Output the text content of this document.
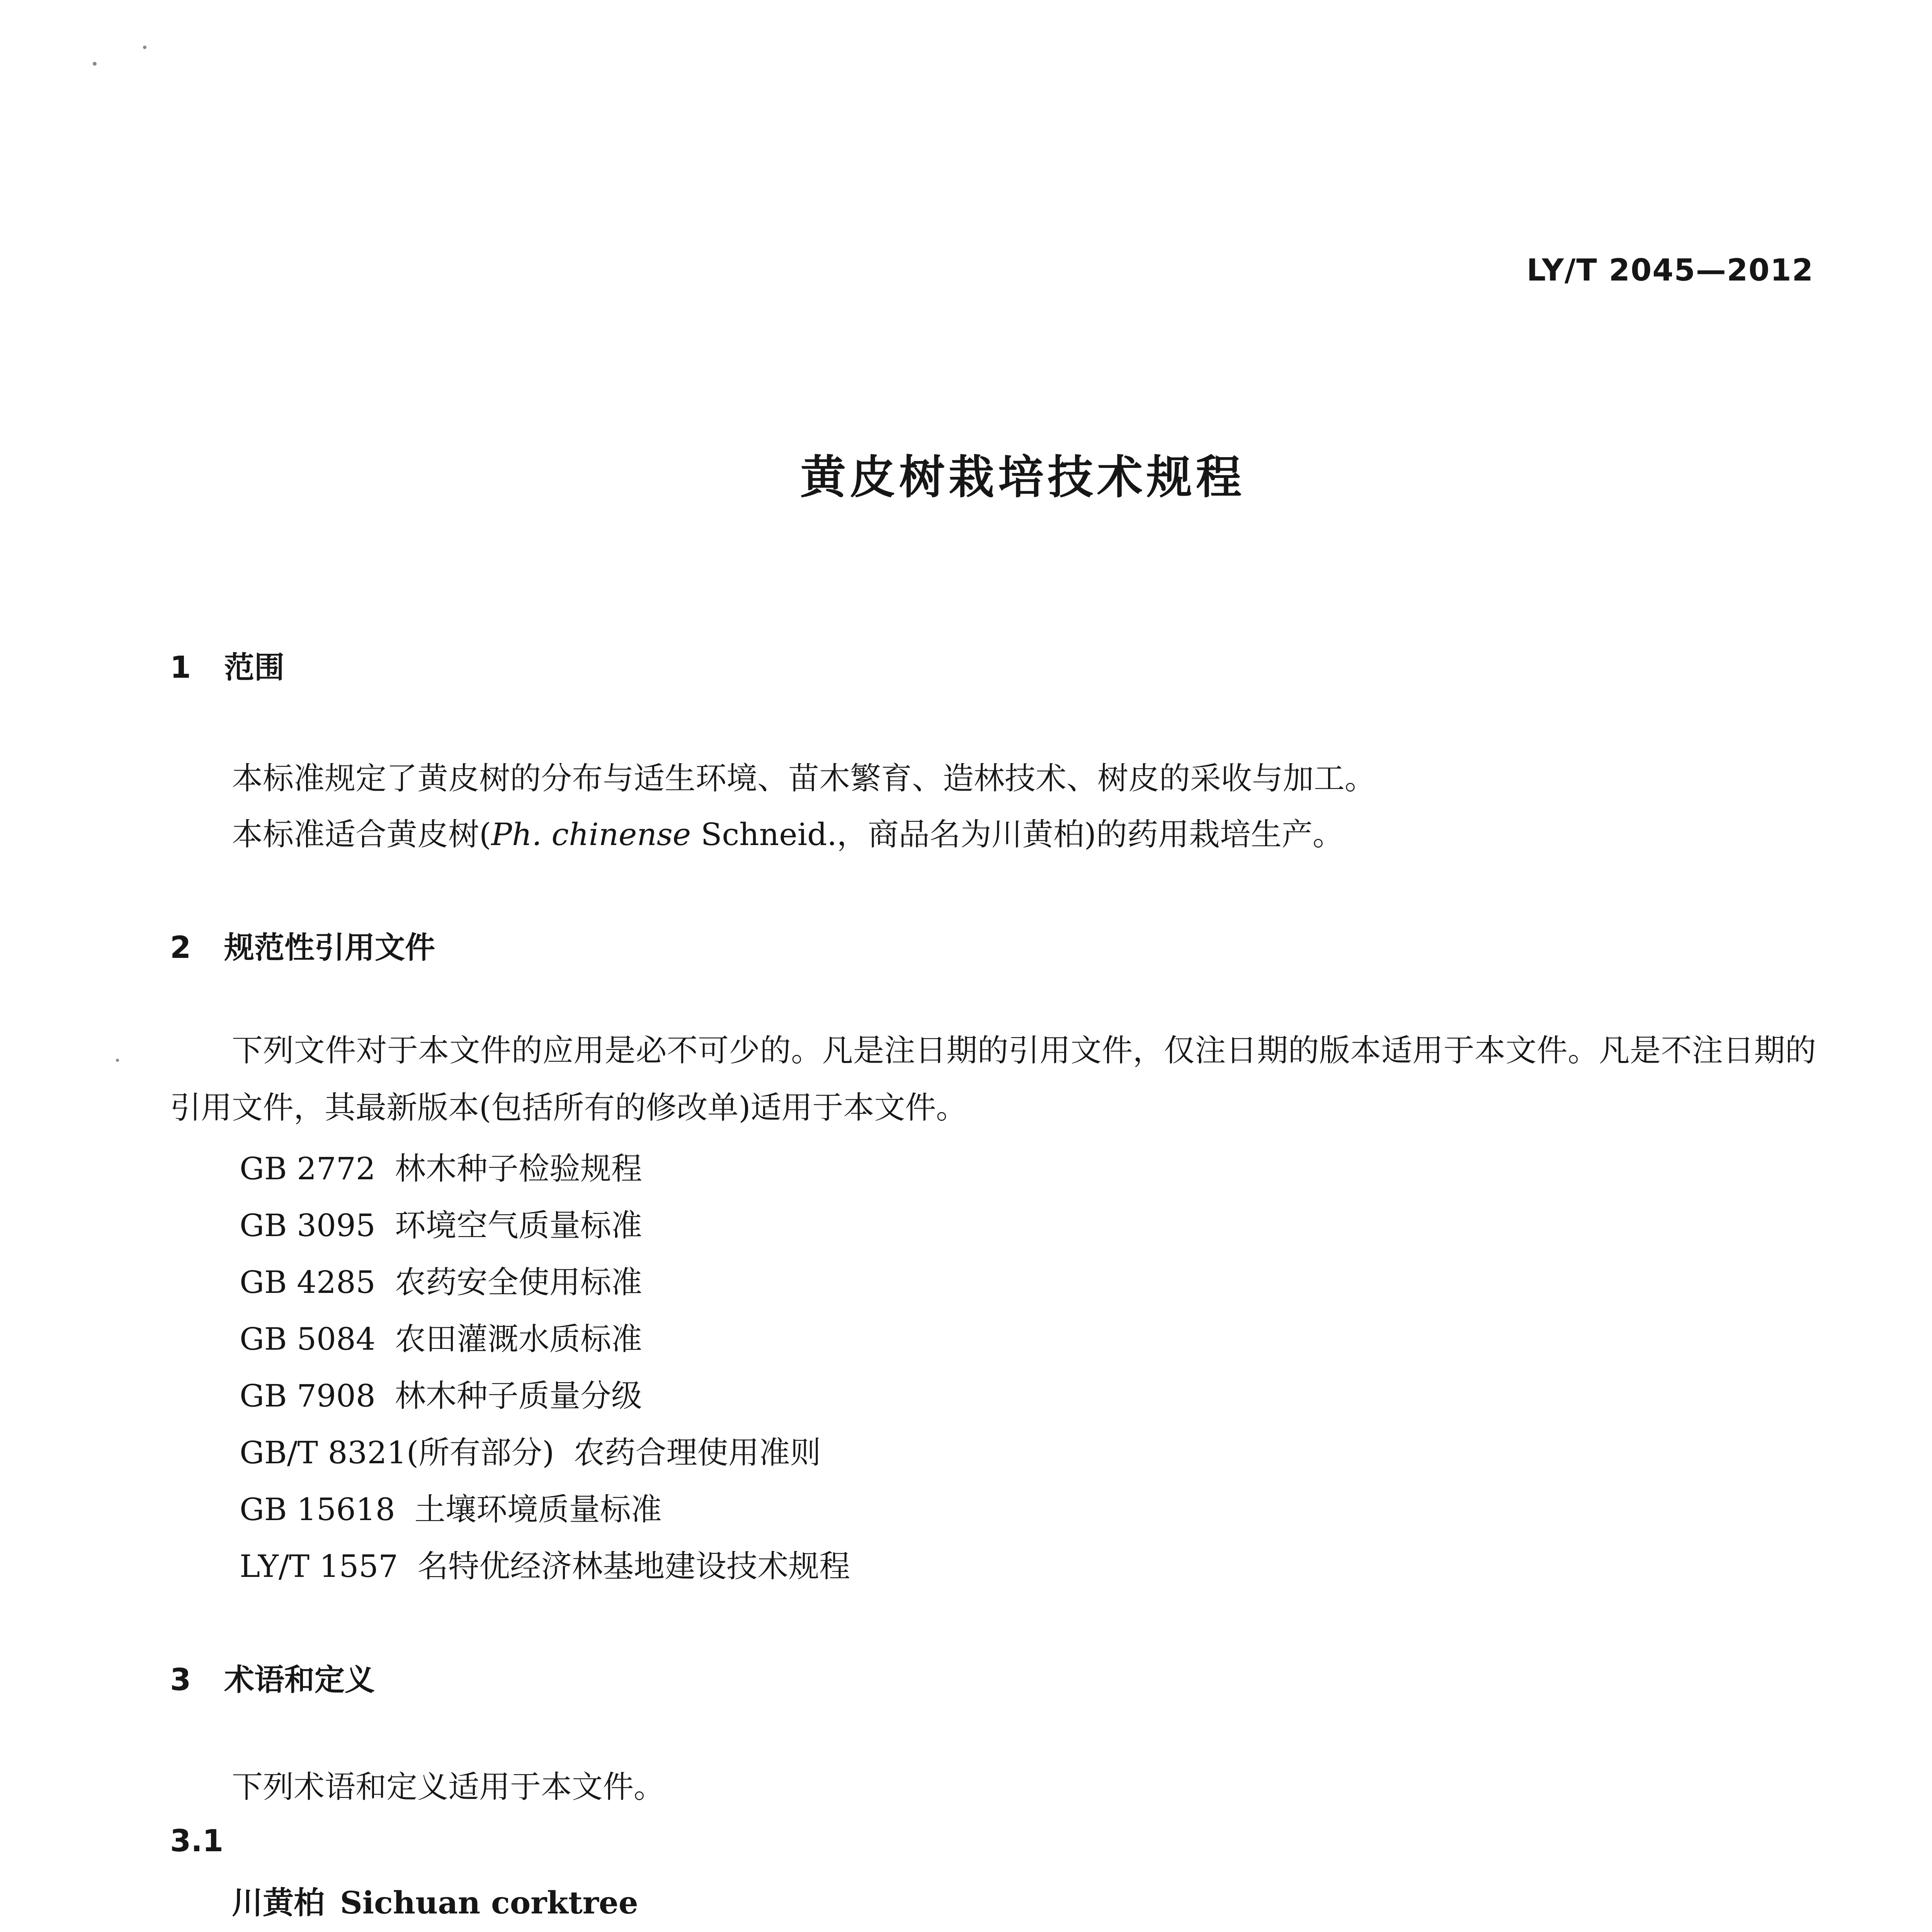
LY/T 2045—2012
黄皮树栽培技术规程
1 范围
本标准规定了黄皮树的分布与适生环境、苗木繁育、造林技术、树皮的采收与加工。
本标准适合黄皮树(Ph. chinense Schneid.，商品名为川黄柏)的药用栽培生产。
2 规范性引用文件
下列文件对于本文件的应用是必不可少的。凡是注日期的引用文件，仅注日期的版本适用于本文件。凡是不注日期的引用文件，其最新版本(包括所有的修改单)适用于本文件。
GB 2772 林木种子检验规程
GB 3095 环境空气质量标准
GB 4285 农药安全使用标准
GB 5084 农田灌溉水质标准
GB 7908 林木种子质量分级
GB/T 8321(所有部分) 农药合理使用准则
GB 15618 土壤环境质量标准
LY/T 1557 名特优经济林基地建设技术规程
3 术语和定义
下列术语和定义适用于本文件。
3.1
川黄柏 Sichuan corktree
